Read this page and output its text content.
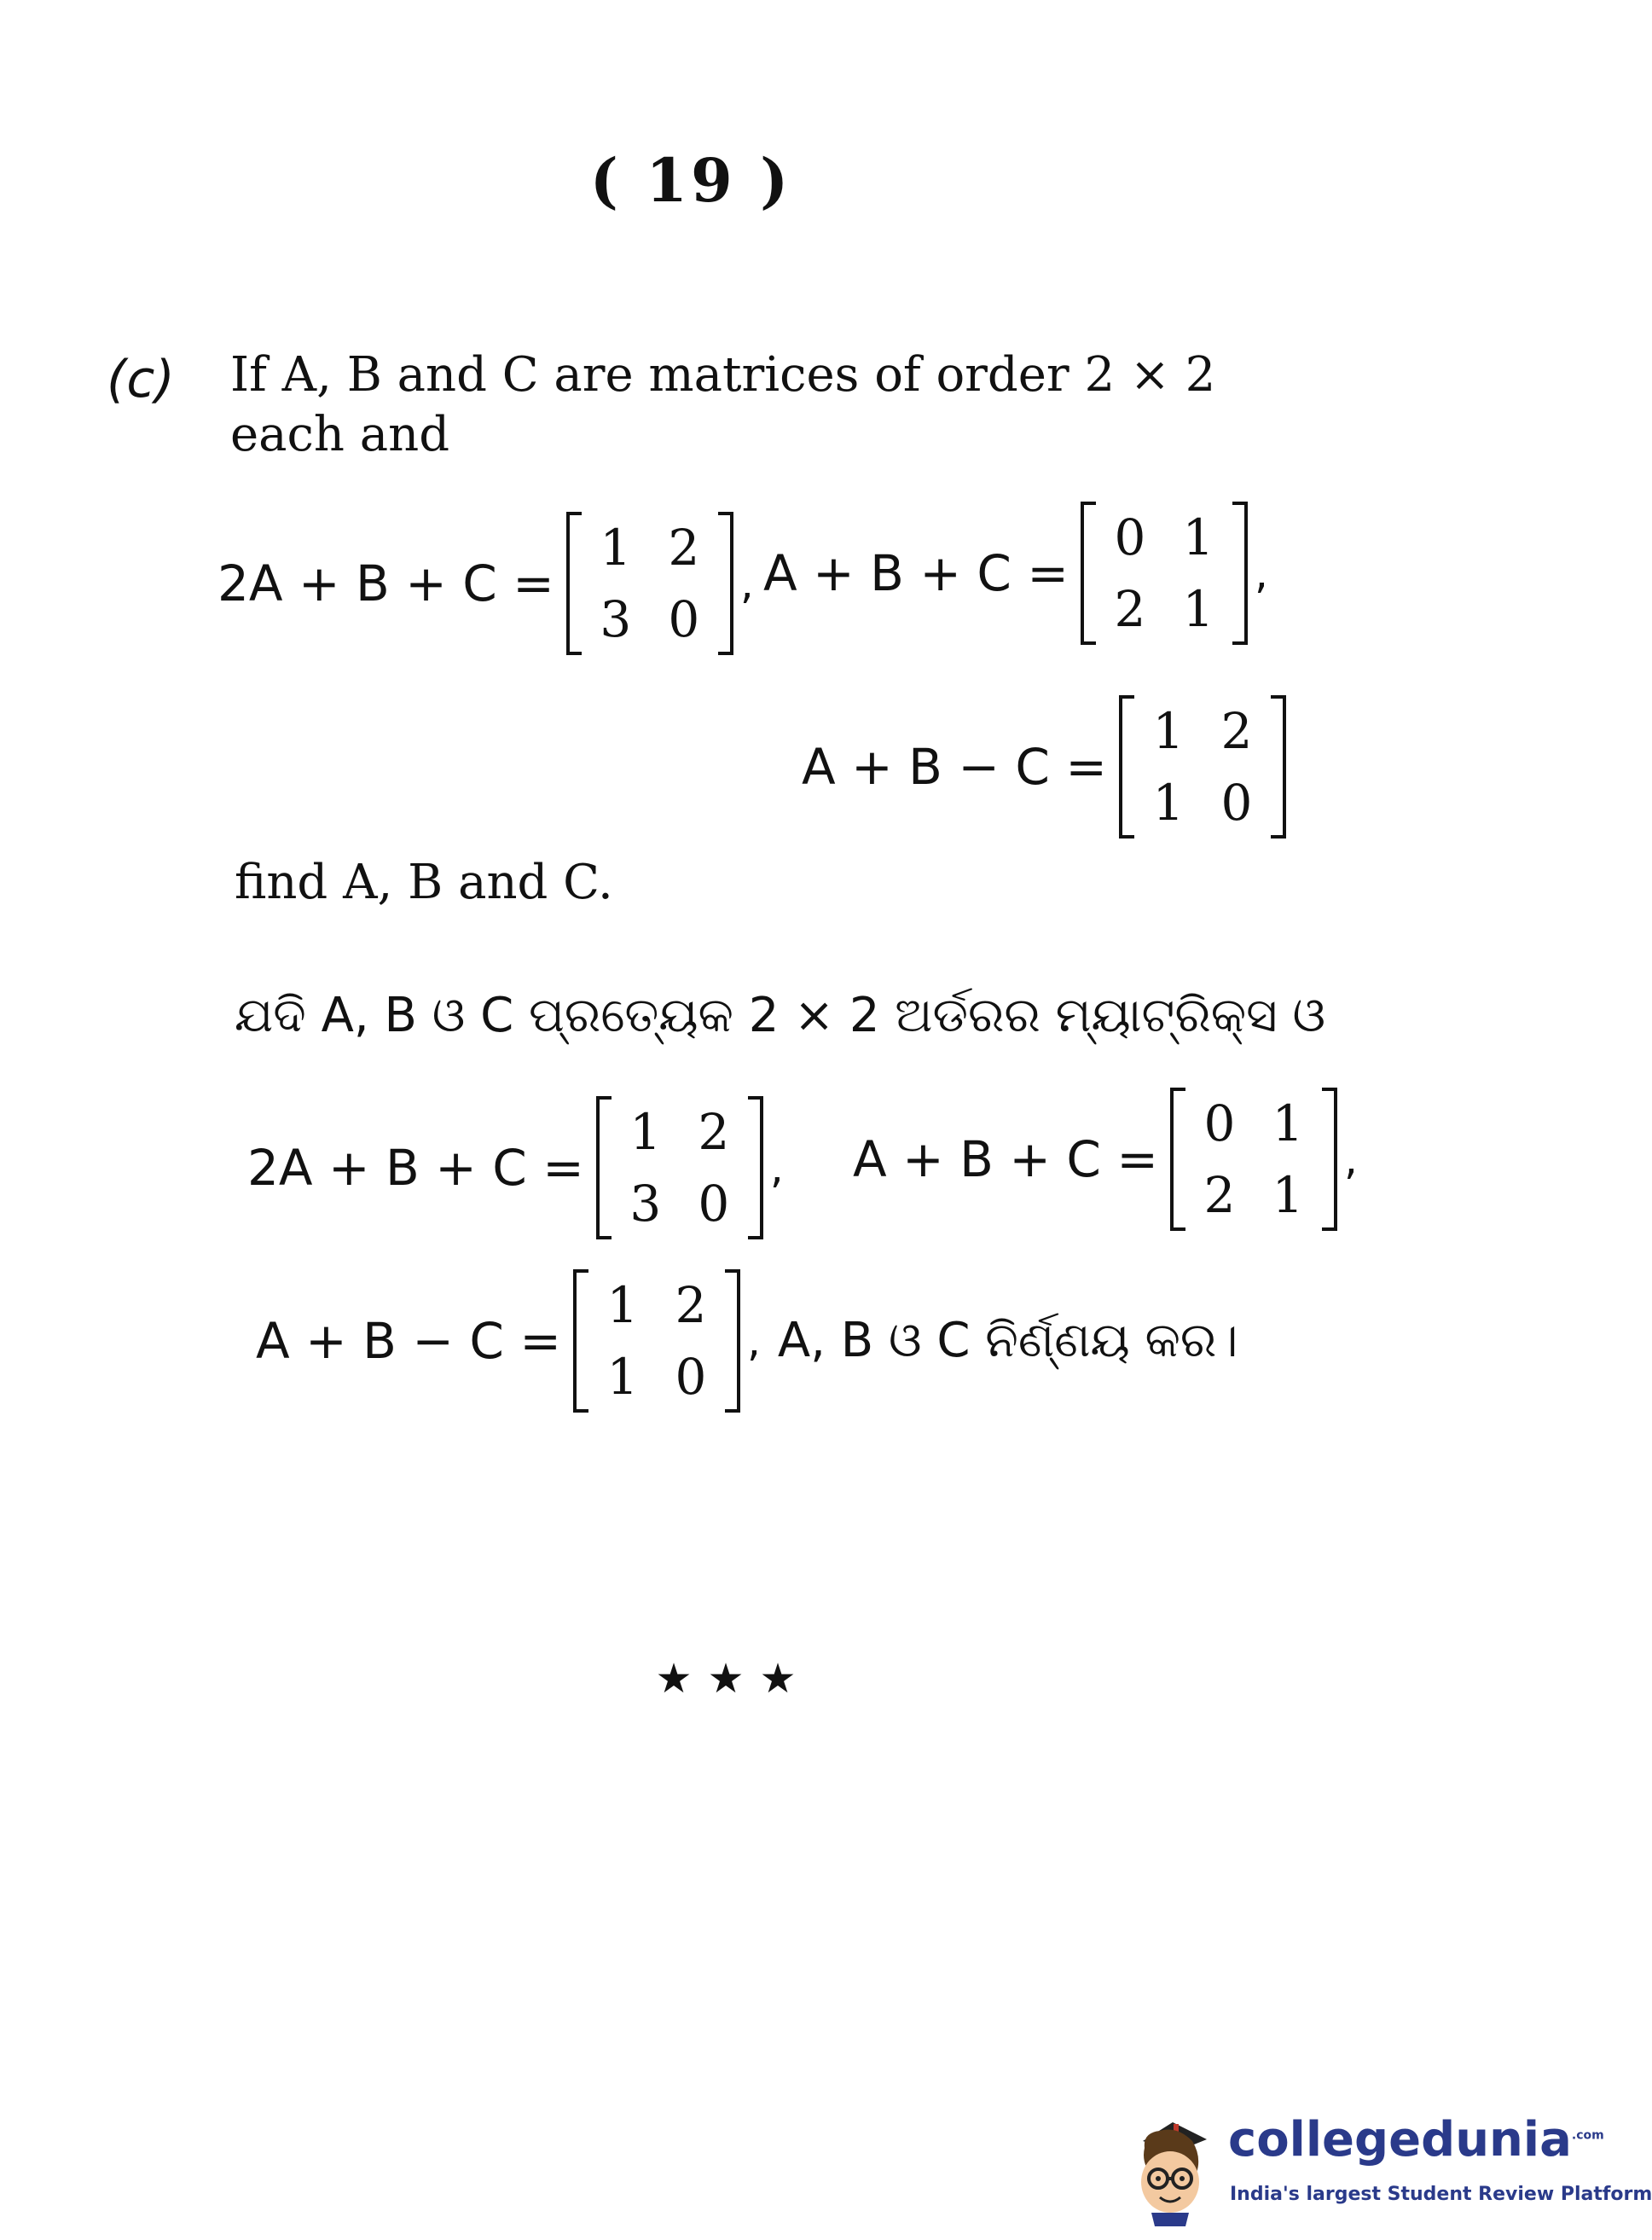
( 19 )
(c) If A, B and C are matrices of order 2 × 2
each and
2A + B + C =
1 2
3 0
, A + B + C =
0 1
2 1
,
A + B − C =
1 2
1 0
find A, B and C.
ଯଦି A, B ଓ C ପ୍ରତ୍ୟେକ 2 × 2 ଅର୍ଡରର ମ୍ୟାଟ୍ରିକ୍ସ ଓ
2A + B + C =
1 2
3 0
, A + B + C =
0 1
2 1
,
A + B − C =
1 2
1 0
, A, B ଓ C ନିର୍ଣ୍ଣୟ କର।
★★★
collegedunia$^{.com}$
India's largest Student Review Platform
